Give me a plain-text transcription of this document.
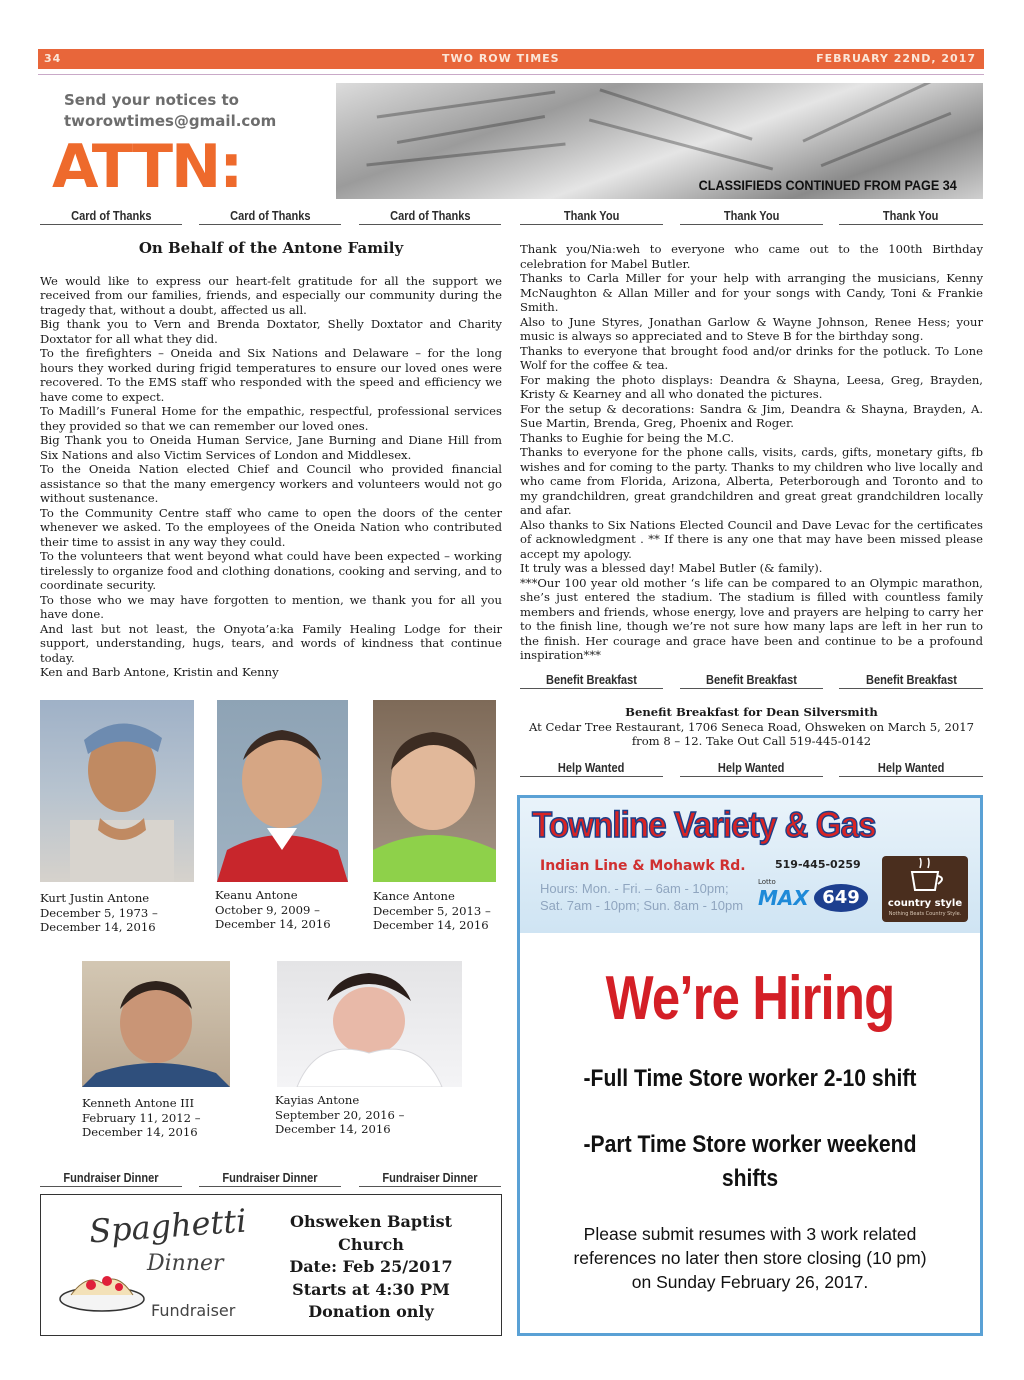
34	TWO ROW TIMES	FEBRUARY 22ND, 2017
Send your notices to
tworowtimes@gmail.com
ATTN:	CLASSIFIEDS CONTINUED FROM PAGE 34
Card of Thanks	Card of Thanks	Card of Thanks	Thank You	Thank You	Thank You
On Behalf of the Antone Family

We would like to express our heart-felt gratitude for all the support we received from our families, friends, and especially our community during the tragedy that, without a doubt, affected us all.

Big thank you to Vern and Brenda Doxtator, Shelly Doxtator and Charity Doxtator for all what they did.

To the firefighters – Oneida and Six Nations and Delaware – for the long hours they worked during frigid temperatures to ensure our loved ones were recovered. To the EMS staff who responded with the speed and efficiency we have come to expect.

To Madill’s Funeral Home for the empathic, respectful, professional services they provided so that we can remember our loved ones.

Big Thank you to Oneida Human Service, Jane Burning and Diane Hill from Six Nations and also Victim Services of London and Middlesex.

To the Oneida Nation elected Chief and Council who provided financial assistance so that the many emergency workers and volunteers would not go without sustenance.

To the Community Centre staff who came to open the doors of the center whenever we asked. To the employees of the Oneida Nation who contributed their time to assist in any way they could.

To the volunteers that went beyond what could have been expected – working tirelessly to organize food and clothing donations, cooking and serving, and to coordinate security.

To those who we may have forgotten to mention, we thank you for all you have done.

And last but not least, the Onyota’a:ka Family Healing Lodge for their support, understanding, hugs, tears, and words of kindness that continue today.

Ken and Barb Antone, Kristin and Kenny

Thank you/Nia:weh to everyone who came out to the 100th Birthday celebration for Mabel Butler.

Thanks to Carla Miller for your help with arranging the musicians, Kenny McNaughton & Allan Miller and for your songs with Candy, Toni & Frankie Smith.

Also to June Styres, Jonathan Garlow & Wayne Johnson, Renee Hess; your music is always so appreciated and to Steve B for the birthday song.

Thanks to everyone that brought food and/or drinks for the potluck. To Lone Wolf for the coffee & tea.

For making the photo displays: Deandra & Shayna, Leesa, Greg, Brayden, Kristy & Kearney and all who donated the pictures.

For the setup & decorations: Sandra & Jim, Deandra & Shayna, Brayden, A. Sue Martin, Brenda, Greg, Phoenix and Roger.

Thanks to Eughie for being the M.C.

Thanks to everyone for the phone calls, visits, cards, gifts, monetary gifts, fb wishes and for coming to the party. Thanks to my children who live locally and who came from Florida, Arizona, Alberta, Peterborough and Toronto and to my grandchildren, great grandchildren and great great grandchildren locally and afar.

Also thanks to Six Nations Elected Council and Dave Levac for the certificates of acknowledgment . ** If there is any one that may have been missed please accept my apology.

It truly was a blessed day! Mabel Butler (& family).

***Our 100 year old mother ‘s life can be compared to an Olympic marathon, she’s just entered the stadium. The stadium is filled with countless family members and friends, whose energy, love and prayers are helping to carry her to the finish line, though we’re not sure how many laps are left in her run to the finish. Her courage and grace have been and continue to be a profound inspiration***

Kurt Justin Antone
December 5, 1973 –
December 14, 2016
Keanu Antone
October 9, 2009 –
December 14, 2016
Kance Antone
December 5, 2013 –
December 14, 2016
Kenneth Antone III
February 11, 2012 –
December 14, 2016
Kayias Antone
September 20, 2016 –
December 14, 2016
Benefit Breakfast	Benefit Breakfast	Benefit Breakfast
Benefit Breakfast for Dean Silversmith
At Cedar Tree Restaurant, 1706 Seneca Road, Ohsweken on March 5, 2017
from 8 – 12. Take Out Call 519-445-0142
Help Wanted	Help Wanted	Help Wanted
Townline Variety & Gas
Indian Line & Mohawk Rd.	519-445-0259
Hours: Mon. - Fri. – 6am - 10pm;
Sat. 7am - 10pm; Sun. 8am - 10pm
Lotto
MAX 649	country style
Nothing Beats Country Style.
We’re Hiring
-Full Time Store worker 2-10 shift
-Part Time Store worker weekend
shifts
Please submit resumes with 3 work related
references no later then store closing (10 pm)
on Sunday February 26, 2017.
Fundraiser Dinner	Fundraiser Dinner	Fundraiser Dinner
Spaghetti
Dinner
Fundraiser
Ohsweken Baptist
Church
Date: Feb 25/2017
Starts at 4:30 PM
Donation only
